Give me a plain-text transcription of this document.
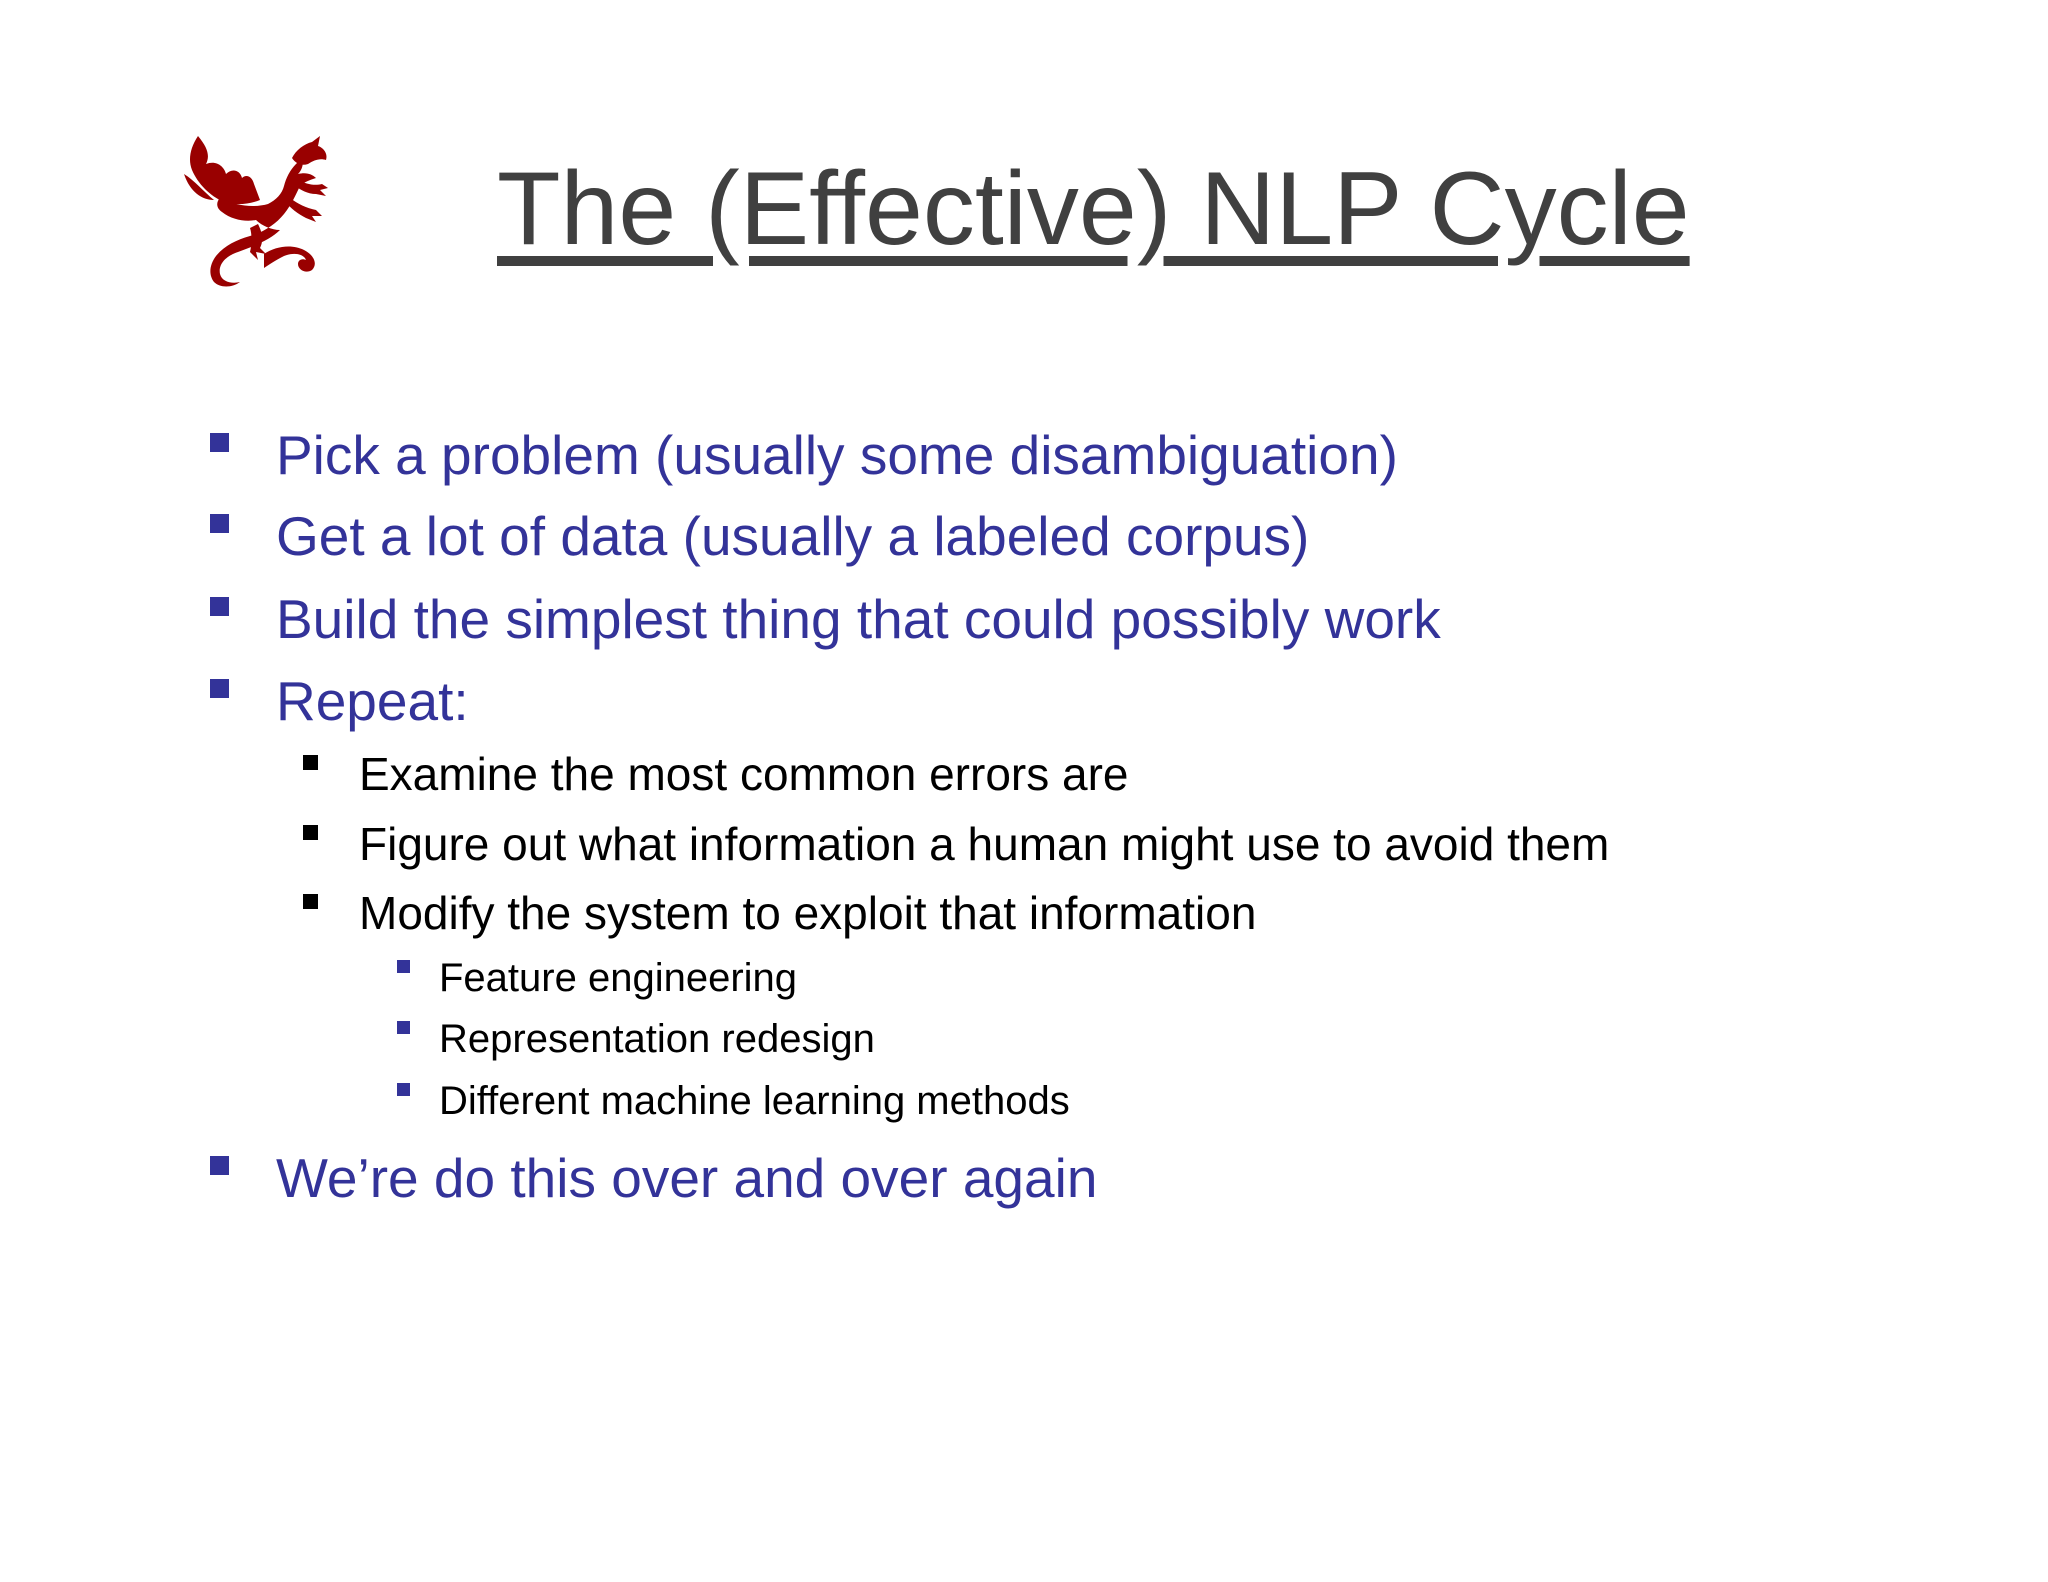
The (Effective) NLP Cycle
Pick a problem (usually some disambiguation)
Get a lot of data (usually a labeled corpus)
Build the simplest thing that could possibly work
Repeat:
Examine the most common errors are
Figure out what information a human might use to avoid them
Modify the system to exploit that information
Feature engineering
Representation redesign
Different machine learning methods
We’re do this over and over again
